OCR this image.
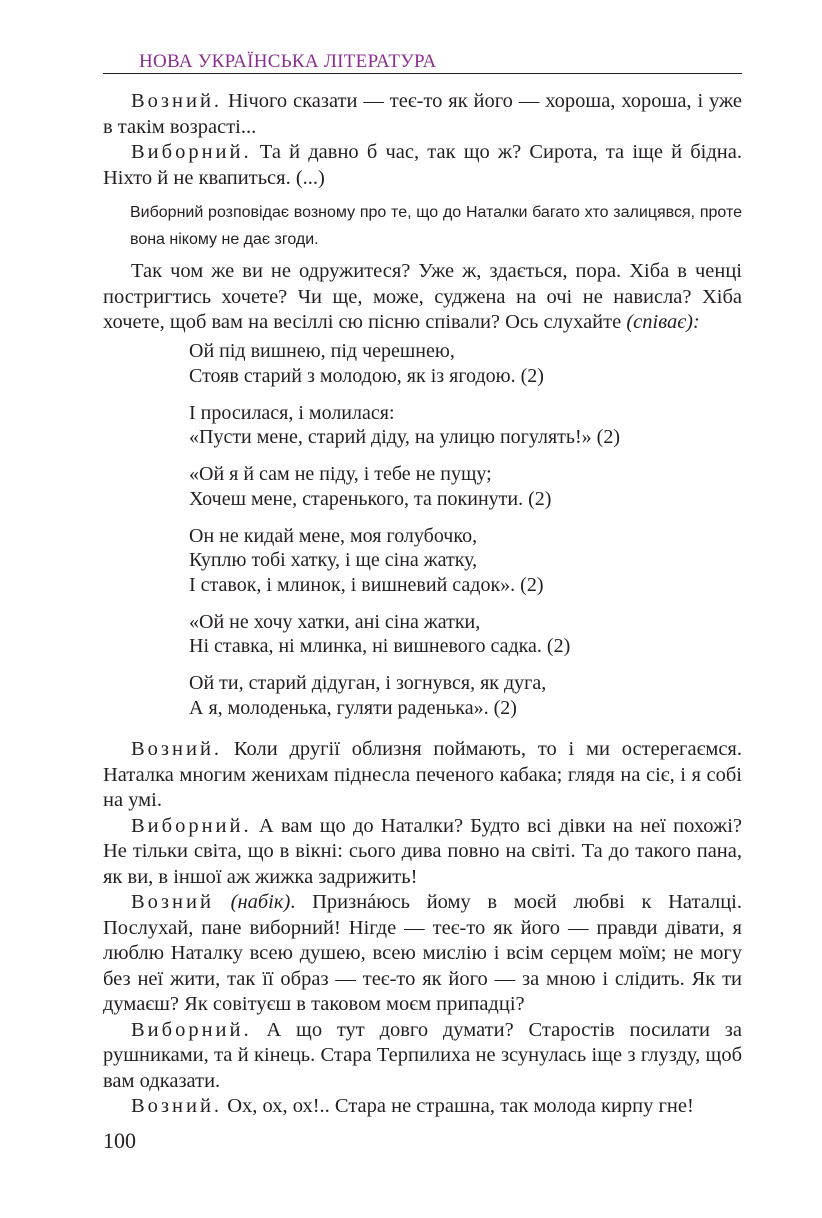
НОВА УКРАЇНСЬКА ЛІТЕРАТУРА

Возний. Нічого сказати — теє-то як його — хороша, хороша, і уже в такім возрасті...

Виборний. Та й давно б час, так що ж? Сирота, та іще й бідна. Ніхто й не квапиться. (...)

Виборний розповідає возному про те, що до Наталки багато хто залицявся, проте вона нікому не дає згоди.

Так чом же ви не одружитеся? Уже ж, здається, пора. Хіба в ченці постригтись хочете? Чи ще, може, суджена на очі не нависла? Хіба хочете, щоб вам на весіллі сю пісню співали? Ось слухайте (співає):

Ой під вишнею, під черешнею,
Стояв старий з молодою, як із ягодою. (2)
І просилася, і молилася:
«Пусти мене, старий діду, на улицю погулять!» (2)
«Ой я й сам не піду, і тебе не пущу;
Хочеш мене, старенького, та покинути. (2)
Он не кидай мене, моя голубочко,
Куплю тобі хатку, і ще сіна жатку,
І ставок, і млинок, і вишневий садок». (2)
«Ой не хочу хатки, ані сіна жатки,
Ні ставка, ні млинка, ні вишневого садка. (2)
Ой ти, старий дідуган, і зогнувся, як дуга,
А я, молоденька, гуляти раденька». (2)

Возний. Коли другії облизня поймають, то і ми остерегаємся. Наталка многим женихам піднесла печеного кабака; глядя на сіє, і я собі на умі.

Виборний. А вам що до Наталки? Будто всі дівки на неї похожі? Не тільки світа, що в вікні: сього дива повно на світі. Та до такого пана, як ви, в іншої аж жижка задрижить!

Возний (набік). Признáюсь йому в моєй любві к Наталці. Послухай, пане виборний! Нігде — теє-то як його — правди дівати, я люблю Наталку всею душею, всею мислію і всім серцем моїм; не могу без неї жити, так її образ — теє-то як його — за мною і слідить. Як ти думаєш? Як совітуєш в таковом моєм припадці?

Виборний. А що тут довго думати? Старостів посилати за рушниками, та й кінець. Стара Терпилиха не зсунулась іще з глузду, щоб вам одказати.

Возний. Ох, ох, ох!.. Стара не страшна, так молода кирпу гне!

100
